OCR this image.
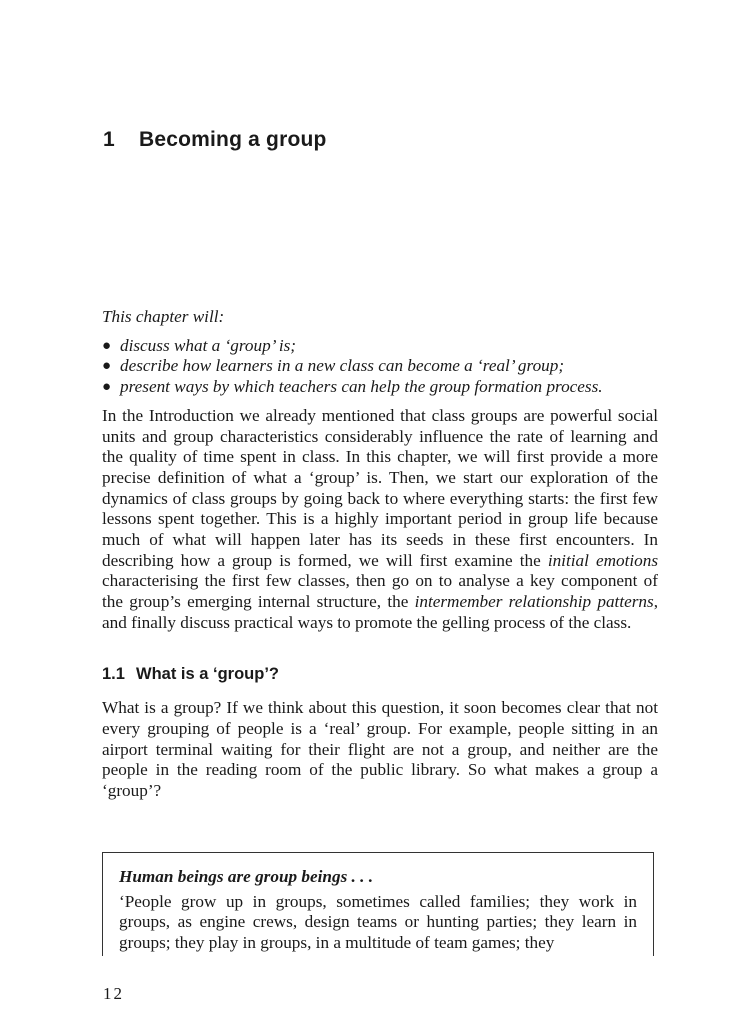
1 Becoming a group

This chapter will:

● discuss what a ‘group’ is;
● describe how learners in a new class can become a ‘real’ group;
● present ways by which teachers can help the group formation process.

In the Introduction we already mentioned that class groups are powerful social units and group characteristics considerably influence the rate of learning and the quality of time spent in class. In this chapter, we will first provide a more precise definition of what a ‘group’ is. Then, we start our exploration of the dynamics of class groups by going back to where everything starts: the first few lessons spent together. This is a highly important period in group life because much of what will happen later has its seeds in these first encounters. In describing how a group is formed, we will first examine the initial emotions characterising the first few classes, then go on to analyse a key component of the group’s emerging internal structure, the intermember relationship patterns, and finally discuss practical ways to promote the gelling process of the class.

1.1 What is a ‘group’?

What is a group? If we think about this question, it soon becomes clear that not every grouping of people is a ‘real’ group. For example, people sitting in an airport terminal waiting for their flight are not a group, and neither are the people in the reading room of the public library. So what makes a group a ‘group’?

Human beings are group beings . . .

‘People grow up in groups, sometimes called families; they work in groups, as engine crews, design teams or hunting parties; they learn in groups; they play in groups, in a multitude of team games; they

12
